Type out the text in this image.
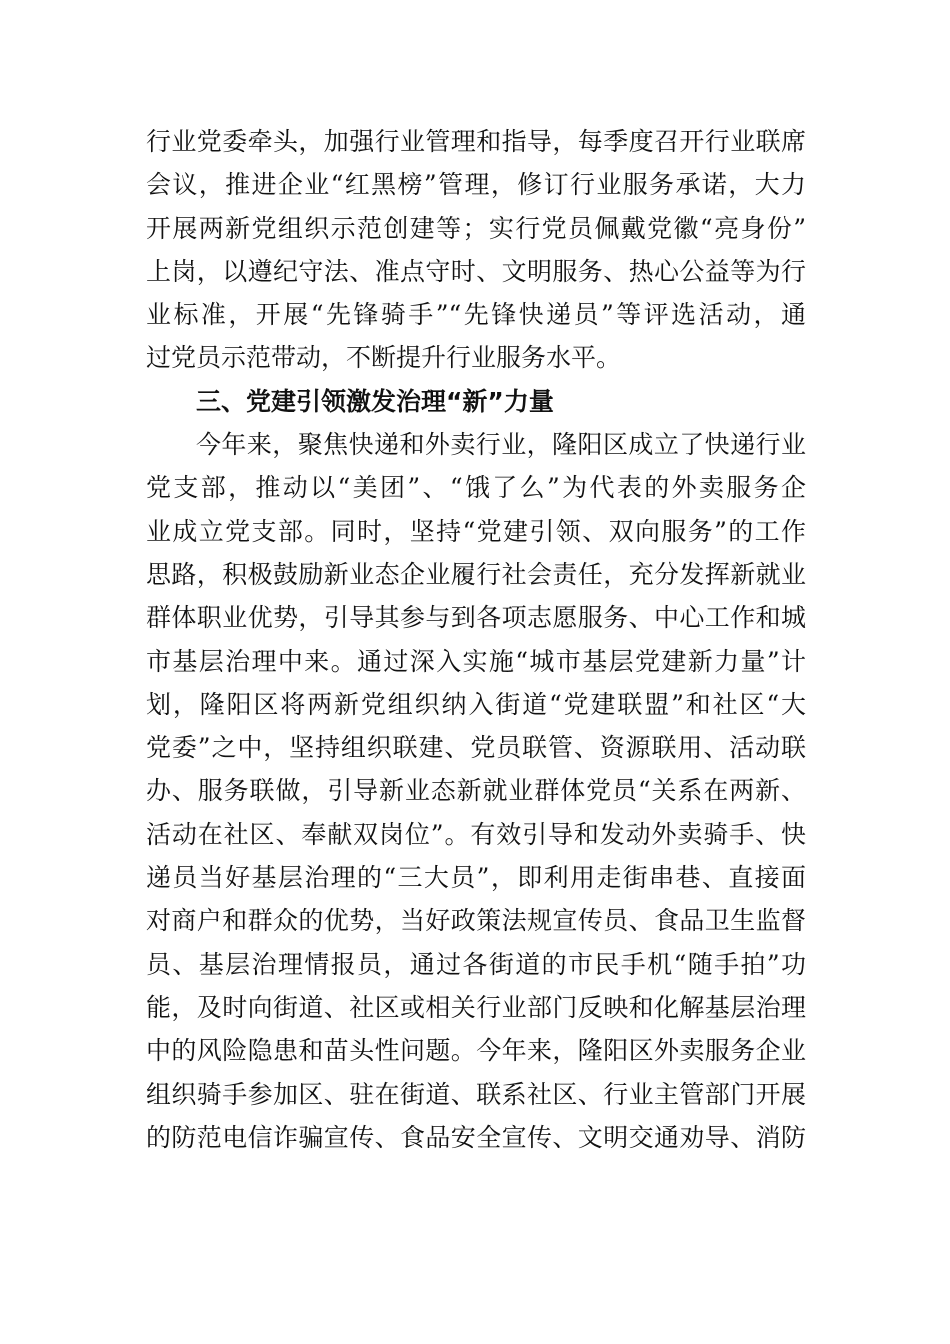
行业党委牵头，加强行业管理和指导，每季度召开行业联席
会议，推进企业“红黑榜”管理，修订行业服务承诺，大力
开展两新党组织示范创建等；实行党员佩戴党徽“亮身份”
上岗，以遵纪守法、准点守时、文明服务、热心公益等为行
业标准，开展“先锋骑手”“先锋快递员”等评选活动，通
过党员示范带动，不断提升行业服务水平。
三、党建引领激发治理“新”力量
今年来，聚焦快递和外卖行业，隆阳区成立了快递行业
党支部，推动以“美团”、“饿了么”为代表的外卖服务企
业成立党支部。同时，坚持“党建引领、双向服务”的工作
思路，积极鼓励新业态企业履行社会责任，充分发挥新就业
群体职业优势，引导其参与到各项志愿服务、中心工作和城
市基层治理中来。通过深入实施“城市基层党建新力量”计
划，隆阳区将两新党组织纳入街道“党建联盟”和社区“大
党委”之中，坚持组织联建、党员联管、资源联用、活动联
办、服务联做，引导新业态新就业群体党员“关系在两新、
活动在社区、奉献双岗位”。有效引导和发动外卖骑手、快
递员当好基层治理的“三大员”，即利用走街串巷、直接面
对商户和群众的优势，当好政策法规宣传员、食品卫生监督
员、基层治理情报员，通过各街道的市民手机“随手拍”功
能，及时向街道、社区或相关行业部门反映和化解基层治理
中的风险隐患和苗头性问题。今年来，隆阳区外卖服务企业
组织骑手参加区、驻在街道、联系社区、行业主管部门开展
的防范电信诈骗宣传、食品安全宣传、文明交通劝导、消防
